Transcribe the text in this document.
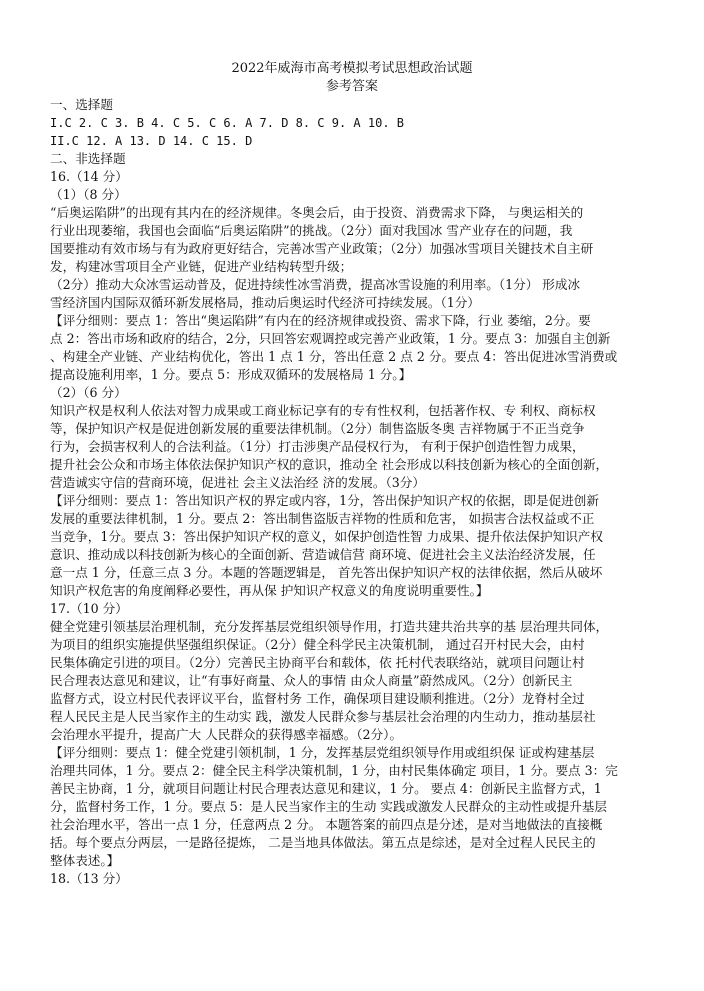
2022年威海市高考模拟考试思想政治试题
参考答案
一、选择题
I.C 2. C 3. B 4. C 5. C 6. A 7. D 8. C 9. A 10. B
II.C 12. A 13. D 14. C 15. D
二、非选择题
16.（14 分）
（1）（8 分）
“后奥运陷阱”的出现有其内在的经济规律。冬奥会后，由于投资、消费需求下降， 与奥运相关的
行业出现萎缩，我国也会面临“后奥运陷阱”的挑战。（2分）面对我国冰 雪产业存在的问题，我
国要推动有效市场与有为政府更好结合，完善冰雪产业政策；（2分）加强冰雪项目关键技术自主研
发，构建冰雪项目全产业链，促进产业结构转型升级；
（2分）推动大众冰雪运动普及，促进持续性冰雪消费，提高冰雪设施的利用率。（1分） 形成冰
雪经济国内国际双循环新发展格局，推动后奥运时代经济可持续发展。（1分）
【评分细则：要点 1：答出“奥运陷阱”有内在的经济规律或投资、需求下降，行业 萎缩，2分。要
点 2：答出市场和政府的结合，2分，只回答宏观调控或完善产业政策，1 分。要点 3：加强自主创新
、构建全产业链、产业结构优化，答出 1 点 1 分，答出任意 2 点 2 分。要点 4：答出促进冰雪消费或
提高设施利用率，1 分。要点 5：形成双循环的发展格局 1 分。】
（2）（6 分）
知识产权是权利人依法对智力成果或工商业标记享有的专有性权利，包括著作权、专 利权、商标权
等，保护知识产权是促进创新发展的重要法律机制。（2分）制售盗版冬奥 吉祥物属于不正当竞争
行为，会损害权利人的合法利益。（1分）打击涉奥产品侵权行为， 有利于保护创造性智力成果，
提升社会公众和市场主体依法保护知识产权的意识，推动全 社会形成以科技创新为核心的全面创新，
营造诚实守信的营商环境，促进社 会主义法治经 济的发展。（3分）
【评分细则：要点 1：答出知识产权的界定或内容，1分，答出保护知识产权的依据，即是促进创新
发展的重要法律机制，1 分。要点 2：答出制售盗版吉祥物的性质和危害， 如损害合法权益或不正
当竞争，1分。要点 3：答出保护知识产权的意义，如保护创造性智 力成果、提升依法保护知识产权
意识、推动成以科技创新为核心的全面创新、营造诚信营 商环境、促进社会主义法治经济发展，任
意一点 1 分，任意三点 3 分。本题的答题逻辑是， 首先答出保护知识产权的法律依据，然后从破坏
知识产权危害的角度阐释必要性，再从保 护知识产权意义的角度说明重要性。】
17.（10 分）
健全党建引领基层治理机制，充分发挥基层党组织领导作用，打造共建共治共享的基 层治理共同体，
为项目的组织实施提供坚强组织保证。（2分）健全科学民主决策机制， 通过召开村民大会，由村
民集体确定引进的项目。（2分）完善民主协商平台和载体，依 托村代表联络站，就项目问题让村
民合理表达意见和建议，让“有事好商量、众人的事情 由众人商量”蔚然成风。（2分）创新民主
监督方式，设立村民代表评议平台，监督村务 工作，确保项目建设顺利推进。（2分）龙脊村全过
程人民民主是人民当家作主的生动实 践，激发人民群众参与基层社会治理的内生动力，推动基层社
会治理水平提升，提高广大 人民群众的获得感幸福感。（2分）。
【评分细则：要点 1：健全党建引领机制，1 分，发挥基层党组织领导作用或组织保 证或构建基层
治理共同体，1 分。要点 2：健全民主科学决策机制，1 分，由村民集体确定 项目，1 分。要点 3：完
善民主协商，1 分，就项目问题让村民合理表达意见和建议，1 分。 要点 4：创新民主监督方式，1
分，监督村务工作，1 分。要点 5：是人民当家作主的生动 实践或激发人民群众的主动性或提升基层
社会治理水平，答出一点 1 分，任意两点 2 分。 本题答案的前四点是分述，是对当地做法的直接概
括。每个要点分两层，一是路径提炼， 二是当地具体做法。第五点是综述，是对全过程人民民主的
整体表述。】
18.（13 分）
